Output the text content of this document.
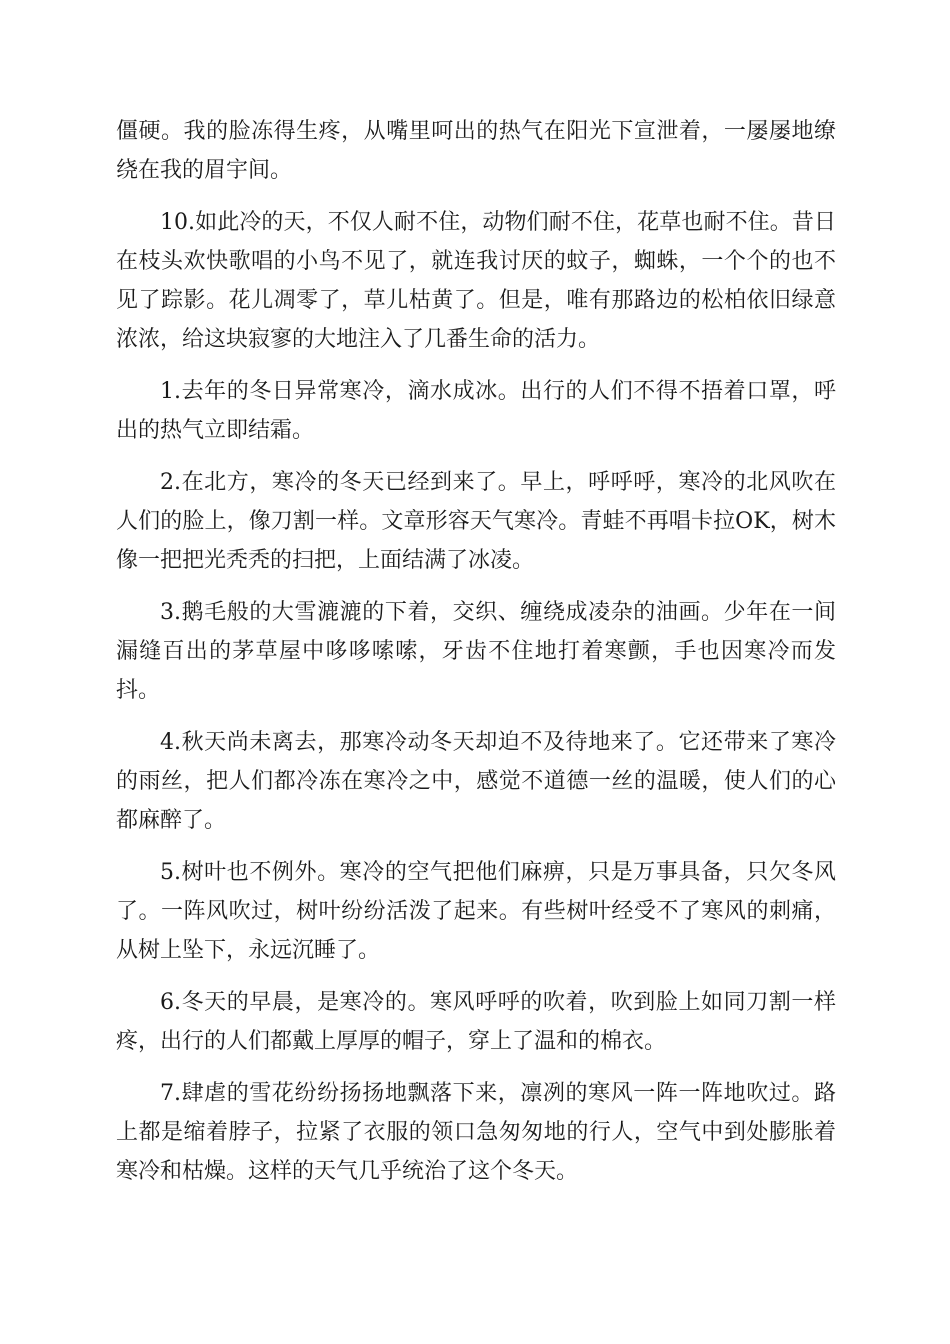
僵硬。我的脸冻得生疼，从嘴里呵出的热气在阳光下宣泄着，一屡屡地缭绕在我的眉宇间。

10.如此冷的天，不仅人耐不住，动物们耐不住，花草也耐不住。昔日在枝头欢快歌唱的小鸟不见了，就连我讨厌的蚊子，蜘蛛，一个个的也不见了踪影。花儿凋零了，草儿枯黄了。但是，唯有那路边的松柏依旧绿意浓浓，给这块寂寥的大地注入了几番生命的活力。

1.去年的冬日异常寒冷，滴水成冰。出行的人们不得不捂着口罩，呼出的热气立即结霜。

2.在北方，寒冷的冬天已经到来了。早上，呼呼呼，寒冷的北风吹在人们的脸上，像刀割一样。文章形容天气寒冷。青蛙不再唱卡拉OK，树木像一把把光秃秃的扫把，上面结满了冰凌。

3.鹅毛般的大雪漉漉的下着，交织、缠绕成凌杂的油画。少年在一间漏缝百出的茅草屋中哆哆嗦嗦，牙齿不住地打着寒颤，手也因寒冷而发抖。

4.秋天尚未离去，那寒冷动冬天却迫不及待地来了。它还带来了寒冷的雨丝，把人们都冷冻在寒冷之中，感觉不道德一丝的温暖，使人们的心都麻醉了。

5.树叶也不例外。寒冷的空气把他们麻痹，只是万事具备，只欠冬风了。一阵风吹过，树叶纷纷活泼了起来。有些树叶经受不了寒风的刺痛，从树上坠下，永远沉睡了。

6.冬天的早晨，是寒冷的。寒风呼呼的吹着，吹到脸上如同刀割一样疼，出行的人们都戴上厚厚的帽子，穿上了温和的棉衣。

7.肆虐的雪花纷纷扬扬地飘落下来，凛冽的寒风一阵一阵地吹过。路上都是缩着脖子，拉紧了衣服的领口急匆匆地的行人，空气中到处膨胀着寒冷和枯燥。这样的天气几乎统治了这个冬天。
